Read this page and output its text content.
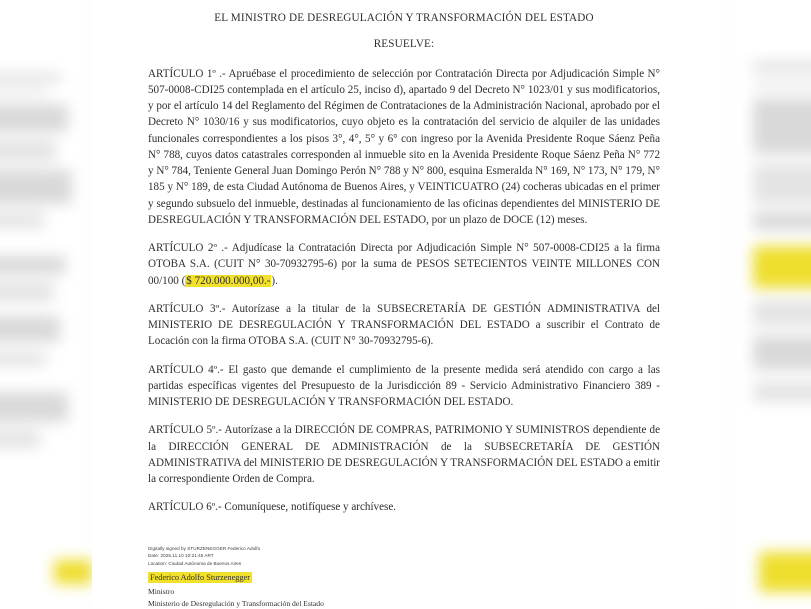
EL MINISTRO DE DESREGULACIÓN Y TRANSFORMACIÓN DEL ESTADO
RESUELVE:

ARTÍCULO 1º .- Apruébase el procedimiento de selección por Contratación Directa por Adjudicación Simple N° 507-0008-CDI25 contemplada en el artículo 25, inciso d), apartado 9 del Decreto N° 1023/01 y sus modificatorios, y por el artículo 14 del Reglamento del Régimen de Contrataciones de la Administración Nacional, aprobado por el Decreto N° 1030/16 y sus modificatorios, cuyo objeto es la contratación del servicio de alquiler de las unidades funcionales correspondientes a los pisos 3°, 4°, 5° y 6° con ingreso por la Avenida Presidente Roque Sáenz Peña N° 788, cuyos datos catastrales corresponden al inmueble sito en la Avenida Presidente Roque Sáenz Peña N° 772 y N° 784, Teniente General Juan Domingo Perón N° 788 y N° 800, esquina Esmeralda N° 169, N° 173, N° 179, N° 185 y N° 189, de esta Ciudad Autónoma de Buenos Aires, y VEINTICUATRO (24) cocheras ubicadas en el primer y segundo subsuelo del inmueble, destinadas al funcionamiento de las oficinas dependientes del MINISTERIO DE DESREGULACIÓN Y TRANSFORMACIÓN DEL ESTADO, por un plazo de DOCE (12) meses.

ARTÍCULO 2º .- Adjudícase la Contratación Directa por Adjudicación Simple N° 507-0008-CDI25 a la firma OTOBA S.A. (CUIT N° 30-70932795-6) por la suma de PESOS SETECIENTOS VEINTE MILLONES CON 00/100 ($ 720.000.000,00.-).

ARTÍCULO 3º.- Autorízase a la titular de la SUBSECRETARÍA DE GESTIÓN ADMINISTRATIVA del MINISTERIO DE DESREGULACIÓN Y TRANSFORMACIÓN DEL ESTADO a suscribir el Contrato de Locación con la firma OTOBA S.A. (CUIT N° 30-70932795-6).

ARTÍCULO 4º.- El gasto que demande el cumplimiento de la presente medida será atendido con cargo a las partidas específicas vigentes del Presupuesto de la Jurisdicción 89 - Servicio Administrativo Financiero 389 - MINISTERIO DE DESREGULACIÓN Y TRANSFORMACIÓN DEL ESTADO.

ARTÍCULO 5º.- Autorízase a la DIRECCIÓN DE COMPRAS, PATRIMONIO Y SUMINISTROS dependiente de la DIRECCIÓN GENERAL DE ADMINISTRACIÓN de la SUBSECRETARÍA DE GESTIÓN ADMINISTRATIVA del MINISTERIO DE DESREGULACIÓN Y TRANSFORMACIÓN DEL ESTADO a emitir la correspondiente Orden de Compra.

ARTÍCULO 6º.- Comuníquese, notifíquese y archívese.

Digitally signed by STURZENEGGER Federico Adolfo
Date: 2025.11.10 10:21:45 ART
Location: Ciudad Autónoma de Buenos Aires
Federico Adolfo Sturzenegger
Ministro
Ministerio de Desregulación y Transformación del Estado
